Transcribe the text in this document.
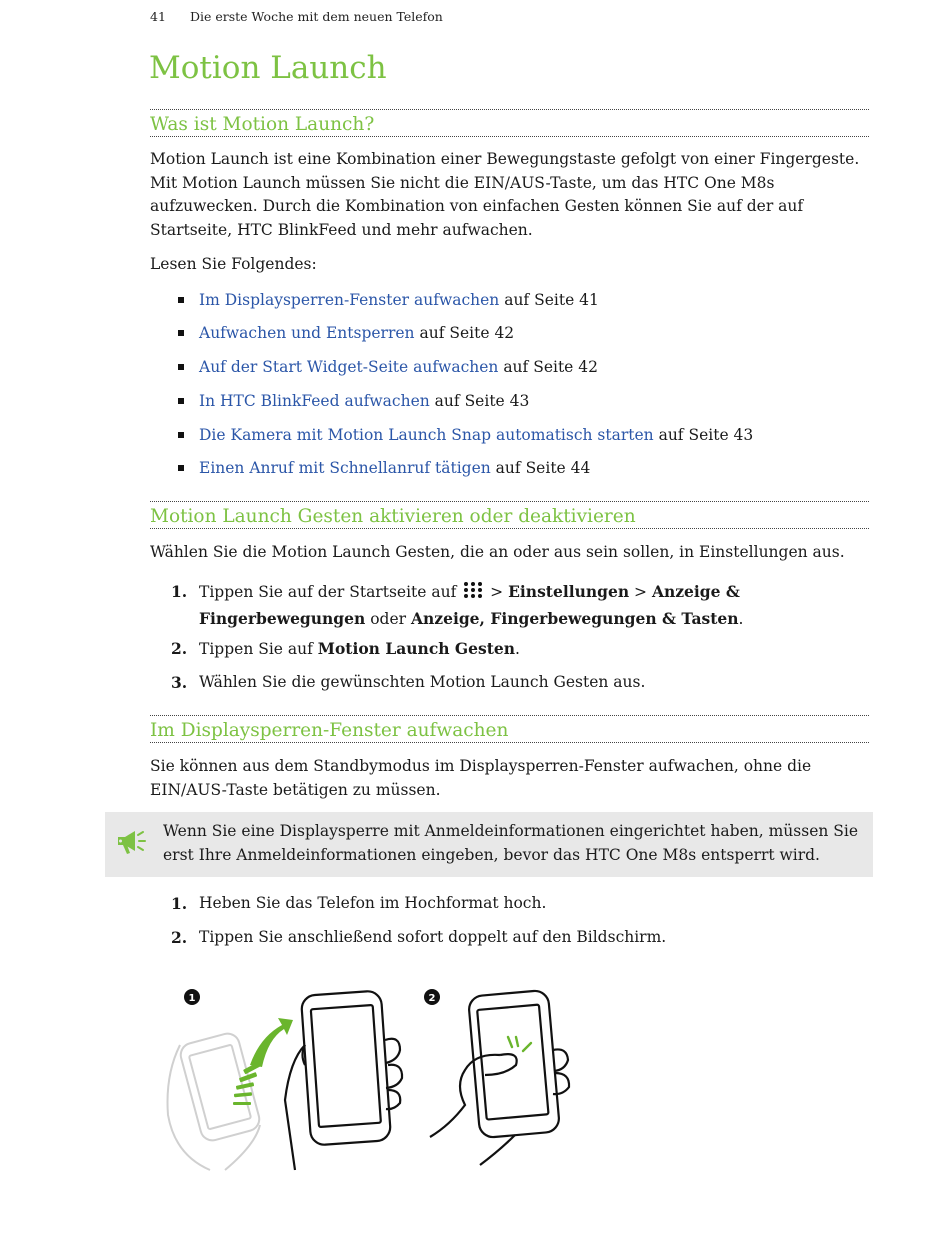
41 Die erste Woche mit dem neuen Telefon
Motion Launch
Was ist Motion Launch?

Motion Launch ist eine Kombination einer Bewegungstaste gefolgt von einer Fingergeste. Mit Motion Launch müssen Sie nicht die EIN/AUS-Taste, um das HTC One M8s aufzuwecken. Durch die Kombination von einfachen Gesten können Sie auf der auf Startseite, HTC BlinkFeed und mehr aufwachen.

Lesen Sie Folgendes:

Im Displaysperren-Fenster aufwachen auf Seite 41
Aufwachen und Entsperren auf Seite 42
Auf der Start Widget-Seite aufwachen auf Seite 42
In HTC BlinkFeed aufwachen auf Seite 43
Die Kamera mit Motion Launch Snap automatisch starten auf Seite 43
Einen Anruf mit Schnellanruf tätigen auf Seite 44
Motion Launch Gesten aktivieren oder deaktivieren

Wählen Sie die Motion Launch Gesten, die an oder aus sein sollen, in Einstellungen aus.

1. Tippen Sie auf der Startseite auf  > Einstellungen > Anzeige & Fingerbewegungen oder Anzeige, Fingerbewegungen & Tasten.
2. Tippen Sie auf Motion Launch Gesten.
3. Wählen Sie die gewünschten Motion Launch Gesten aus.
Im Displaysperren-Fenster aufwachen

Sie können aus dem Standbymodus im Displaysperren-Fenster aufwachen, ohne die EIN/AUS-Taste betätigen zu müssen.

Wenn Sie eine Displaysperre mit Anmeldeinformationen eingerichtet haben, müssen Sie erst Ihre Anmeldeinformationen eingeben, bevor das HTC One M8s entsperrt wird.
1. Heben Sie das Telefon im Hochformat hoch.
2. Tippen Sie anschließend sofort doppelt auf den Bildschirm.
1	2
